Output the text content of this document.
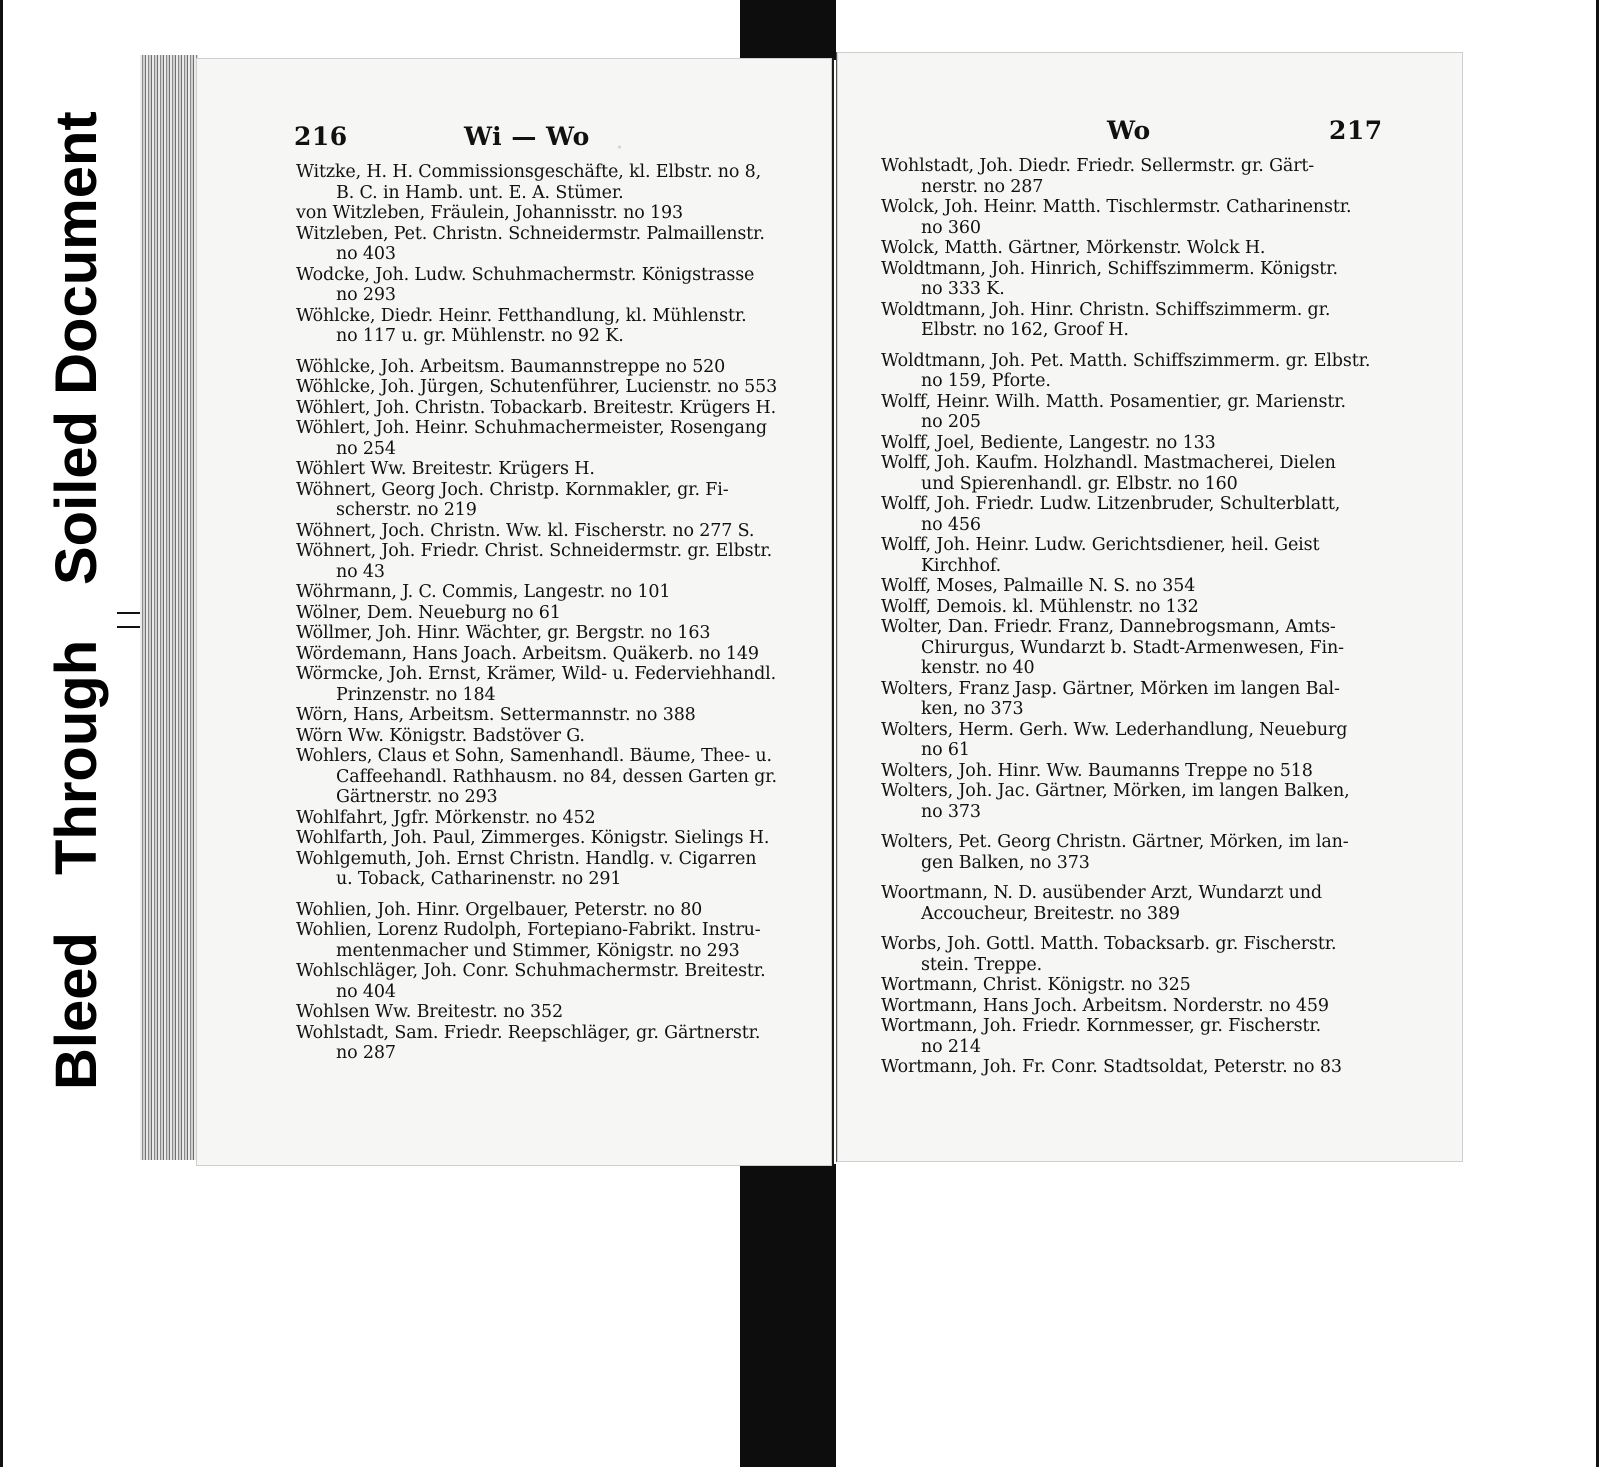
Bleed
Through
Soiled Document	·
216	Wi — Wo
Witzke, H. H. Commissionsgeschäfte, kl. Elbstr. no 8,
B. C. in Hamb. unt. E. A. Stümer.
von Witzleben, Fräulein, Johannisstr. no 193
Witzleben, Pet. Christn. Schneidermstr. Palmaillenstr.
no 403
Wodcke, Joh. Ludw. Schuhmachermstr. Königstrasse
no 293
Wöhlcke, Diedr. Heinr. Fetthandlung, kl. Mühlenstr.
no 117 u. gr. Mühlenstr. no 92 K.
Wöhlcke, Joh. Arbeitsm. Baumannstreppe no 520
Wöhlcke, Joh. Jürgen, Schutenführer, Lucienstr. no 553
Wöhlert, Joh. Christn. Tobackarb. Breitestr. Krügers H.
Wöhlert, Joh. Heinr. Schuhmachermeister, Rosengang
no 254
Wöhlert Ww. Breitestr. Krügers H.
Wöhnert, Georg Joch. Christp. Kornmakler, gr. Fi-
scherstr. no 219
Wöhnert, Joch. Christn. Ww. kl. Fischerstr. no 277 S.
Wöhnert, Joh. Friedr. Christ. Schneidermstr. gr. Elbstr.
no 43
Wöhrmann, J. C. Commis, Langestr. no 101
Wölner, Dem. Neueburg no 61
Wöllmer, Joh. Hinr. Wächter, gr. Bergstr. no 163
Wördemann, Hans Joach. Arbeitsm. Quäkerb. no 149
Wörmcke, Joh. Ernst, Krämer, Wild- u. Federviehhandl.
Prinzenstr. no 184
Wörn, Hans, Arbeitsm. Settermannstr. no 388
Wörn Ww. Königstr. Badstöver G.
Wohlers, Claus et Sohn, Samenhandl. Bäume, Thee- u.
Caffeehandl. Rathhausm. no 84, dessen Garten gr. Gärtnerstr. no 293
Wohlfahrt, Jgfr. Mörkenstr. no 452
Wohlfarth, Joh. Paul, Zimmerges. Königstr. Sielings H.
Wohlgemuth, Joh. Ernst Christn. Handlg. v. Cigarren
u. Toback, Catharinenstr. no 291
Wohlien, Joh. Hinr. Orgelbauer, Peterstr. no 80
Wohlien, Lorenz Rudolph, Fortepiano-Fabrikt. Instru-
mentenmacher und Stimmer, Königstr. no 293
Wohlschläger, Joh. Conr. Schuhmachermstr. Breitestr.
no 404
Wohlsen Ww. Breitestr. no 352
Wohlstadt, Sam. Friedr. Reepschläger, gr. Gärtnerstr.
no 287
Wo	217
Wohlstadt, Joh. Diedr. Friedr. Sellermstr. gr. Gärt-
nerstr. no 287
Wolck, Joh. Heinr. Matth. Tischlermstr. Catharinenstr.
no 360
Wolck, Matth. Gärtner, Mörkenstr. Wolck H.
Woldtmann, Joh. Hinrich, Schiffszimmerm. Königstr.
no 333 K.
Woldtmann, Joh. Hinr. Christn. Schiffszimmerm. gr.
Elbstr. no 162, Groof H.
Woldtmann, Joh. Pet. Matth. Schiffszimmerm. gr. Elbstr.
no 159, Pforte.
Wolff, Heinr. Wilh. Matth. Posamentier, gr. Marienstr.
no 205
Wolff, Joel, Bediente, Langestr. no 133
Wolff, Joh. Kaufm. Holzhandl. Mastmacherei, Dielen
und Spierenhandl. gr. Elbstr. no 160
Wolff, Joh. Friedr. Ludw. Litzenbruder, Schulterblatt,
no 456
Wolff, Joh. Heinr. Ludw. Gerichtsdiener, heil. Geist
Kirchhof.
Wolff, Moses, Palmaille N. S. no 354
Wolff, Demois. kl. Mühlenstr. no 132
Wolter, Dan. Friedr. Franz, Dannebrogsmann, Amts-
Chirurgus, Wundarzt b. Stadt-Armenwesen, Fin-
kenstr. no 40
Wolters, Franz Jasp. Gärtner, Mörken im langen Bal-
ken, no 373
Wolters, Herm. Gerh. Ww. Lederhandlung, Neueburg
no 61
Wolters, Joh. Hinr. Ww. Baumanns Treppe no 518
Wolters, Joh. Jac. Gärtner, Mörken, im langen Balken,
no 373
Wolters, Pet. Georg Christn. Gärtner, Mörken, im lan-
gen Balken, no 373
Woortmann, N. D. ausübender Arzt, Wundarzt und
Accoucheur, Breitestr. no 389
Worbs, Joh. Gottl. Matth. Tobacksarb. gr. Fischerstr.
stein. Treppe.
Wortmann, Christ. Königstr. no 325
Wortmann, Hans Joch. Arbeitsm. Norderstr. no 459
Wortmann, Joh. Friedr. Kornmesser, gr. Fischerstr.
no 214
Wortmann, Joh. Fr. Conr. Stadtsoldat, Peterstr. no 83
